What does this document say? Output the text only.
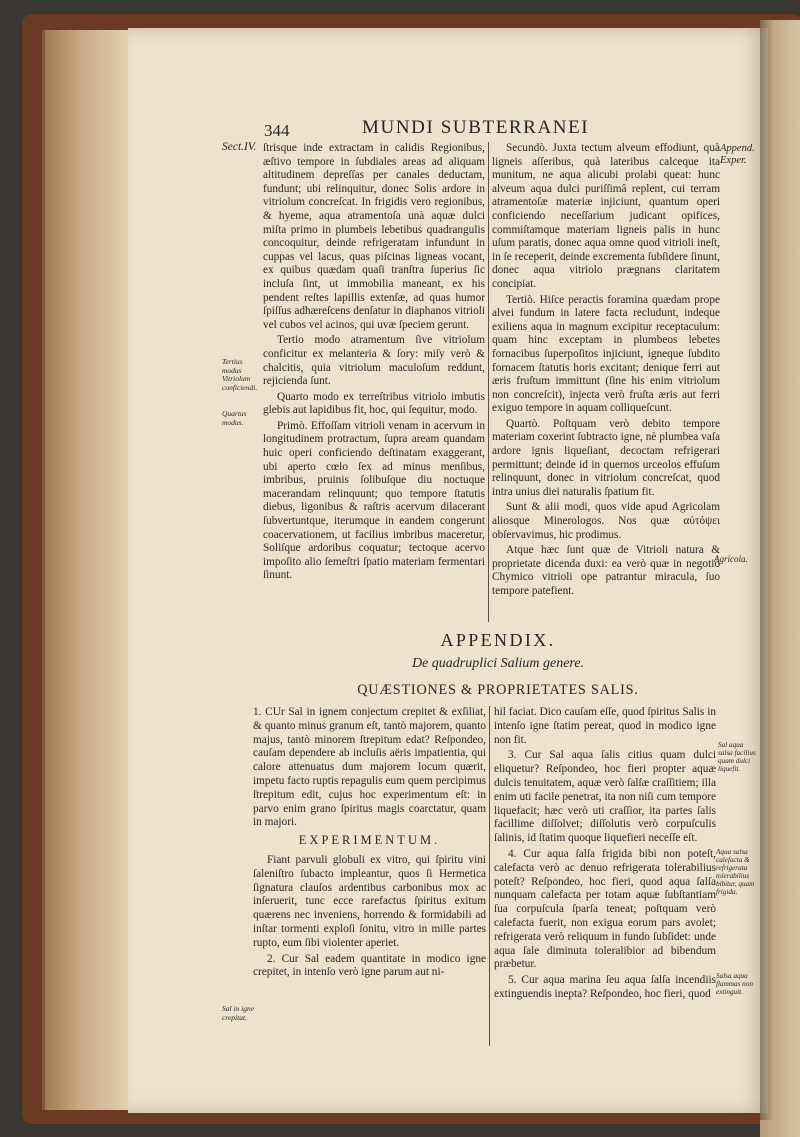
344	MUNDI SUBTERRANEI
Sect.IV.
Tertius modus Vitriolum conficiendi.
Quartus modus.
Sal in igne crepitat.
Append. Exper.
Agricola.
Sal aqua salsa facilius quam dulci liquefit.
Aqua salsa calefacta & refrigerata tolerabilius bibitur, quam frigida.
Salsa aqua flammas non extinguit.

ſtrisque inde extractam in calidis Regionibus, æſtivo tempore in ſubdiales areas ad aliquam altitudinem depreſſas per canales deductam, fundunt; ubi relinquitur, donec Solis ardore in vitriolum concreſcat. In frigidis vero regionibus, & hyeme, aqua atramentoſa unà aquæ dulci miſta primo in plumbeis lebetibus quadrangulis concoquitur, deinde refrigeratam infundunt in cuppas vel lacus, quas piſcinas ligneas vocant, ex quibus quædam quaſi tranſtra ſuperius ſic incluſa ſint, ut immobilia maneant, ex his pendent reſtes lapillis extenſæ, ad quas humor ſpiſſus adhæreſcens denſatur in diaphanos vitrioli vel cubos vel acinos, qui uvæ ſpeciem gerunt.

Tertio modo atramentum ſive vitriolum conficitur ex melanteria & ſory: miſy verò & chalcitis, quia vitriolum maculoſum reddunt, rejicienda ſunt.

Quarto modo ex terreſtribus vitriolo imbutis glebis aut lapidibus fit, hoc, qui ſequitur, modo.

Primò. Effoſſam vitrioli venam in acervum in longitudinem protractum, ſupra aream quandam huic operi conficiendo deſtinatam exaggerant, ubi aperto cœlo ſex ad minus menſibus, imbribus, pruinis ſolibuſque diu noctuque macerandam relinquunt; quo tempore ſtatutis diebus, ligonibus & raſtris acervum dilacerant ſubvertuntque, iterumque in eandem congerunt coacervationem, ut facilius imbribus maceretur, Soliſque ardoribus coquatur; tectoque acervo impoſito alio ſemeſtri ſpatio materiam fermentari ſinunt.

Secundò. Juxta tectum alveum effodiunt, quà ligneis aſſeribus, quà lateribus calceque ita munitum, ne aqua alicubi prolabi queat: hunc alveum aqua dulci puriſſimâ replent, cui terram atramentoſæ materiæ injiciunt, quantum operi conficiendo neceſſarium judicant opifices, commiſtamque materiam ligneis palis in hunc uſum paratis, donec aqua omne quod vitrioli ineſt, in ſe receperit, deinde excrementa ſubſidere ſinunt, donec aqua vitriolo prægnans claritatem concipiat.

Tertiò. Hiſce peractis foramina quædam prope alvei fundum in latere facta recludunt, indeque exiliens aqua in magnum excipitur receptaculum: quam hinc exceptam in plumbeos lebetes fornacibus ſuperpoſitos injiciunt, igneque ſubdito fornacem ſtatutis horis excitant; denique ferri aut æris fruſtum immittunt (ſine his enim vitriolum non concreſcit), injecta verò fruſta æris aut ferri exiguo tempore in aquam colliqueſcunt.

Quartò. Poſtquam verò debito tempore materiam coxerint ſubtracto igne, nè plumbea vaſa ardore ignis liqueſiant, decoctam refrigerari permittunt; deinde id in quernos urceolos effuſum relinquunt, donec in vitriolum concreſcat, quod intra unius diei naturalis ſpatium fit.

Sunt & alii modi, quos vide apud Agricolam aliosque Minerologos. Nos quæ αὐτόψει obſervavimus, hic prodimus.

Atque hæc ſunt quæ de Vitrioli natura & proprietate dicenda duxi: ea verò quæ in negotio Chymico vitrioli ope patrantur miracula, ſuo tempore patefient.

APPENDIX.
De quadruplici Salium genere.
QUÆSTIONES & PROPRIETATES SALIS.

1. CUr Sal in ignem conjectum crepitet & exſiliat, & quanto minus granum eſt, tantò majorem, quanto majus, tantò minorem ſtrepitum edat? Reſpondeo, cauſam dependere ab incluſis aëris impatientia, qui calore attenuatus dum majorem locum quærit, impetu facto ruptis repagulis eum quem percipimus ſtrepitum edit, cujus hoc experimentum eſt: in parvo enim grano ſpiritus magis coarctatur, quam in majori.

EXPERIMENTUM.

Fiant parvuli globuli ex vitro, qui ſpiritu vini ſaleniſtro ſubacto impleantur, quos ſi Hermetica ſignatura clauſos ardentibus carbonibus mox ac inſeruerit, tunc ecce rarefactus ſpiritus exitum quærens nec inveniens, horrendo & formidabili ad inſtar tormenti exploſi ſonitu, vitro in mille partes rupto, eum ſibi violenter aperiet.

2. Cur Sal eadem quantitate in modico igne crepitet, in intenſo verò igne parum aut ni-

hil faciat. Dico cauſam eſſe, quod ſpiritus Salis in intenſo igne ſtatim pereat, quod in modico igne non fit.

3. Cur Sal aqua ſalis citius quam dulci eliquetur? Reſpondeo, hoc fieri propter aquæ dulcis tenuitatem, aquæ verò ſalſæ craſſitiem; illa enim uti facile penetrat, ita non niſi cum tempore liquefacit; hæc verò uti craſſior, ita partes ſalis facillime diſſolvet; diſſolutis verò corpuſculis ſalinis, id ſtatim quoque liquefieri neceſſe eſt.

4. Cur aqua ſalſa frigida bibi non poteſt, calefacta verò ac denuo refrigerata tolerabilius poteſt? Reſpondeo, hoc fieri, quod aqua ſalſa nunquam calefacta per totam aquæ ſubſtantiam ſua corpuſcula ſparſa teneat; poſtquam verò calefacta fuerit, non exigua eorum pars avolet; refrigerata verò reliquum in fundo ſubſidet: unde aqua ſale diminuta toleralibior ad bibendum præbetur.

5. Cur aqua marina ſeu aqua ſalſa incendiis extinguendis inepta? Reſpondeo, hoc fieri, quod
